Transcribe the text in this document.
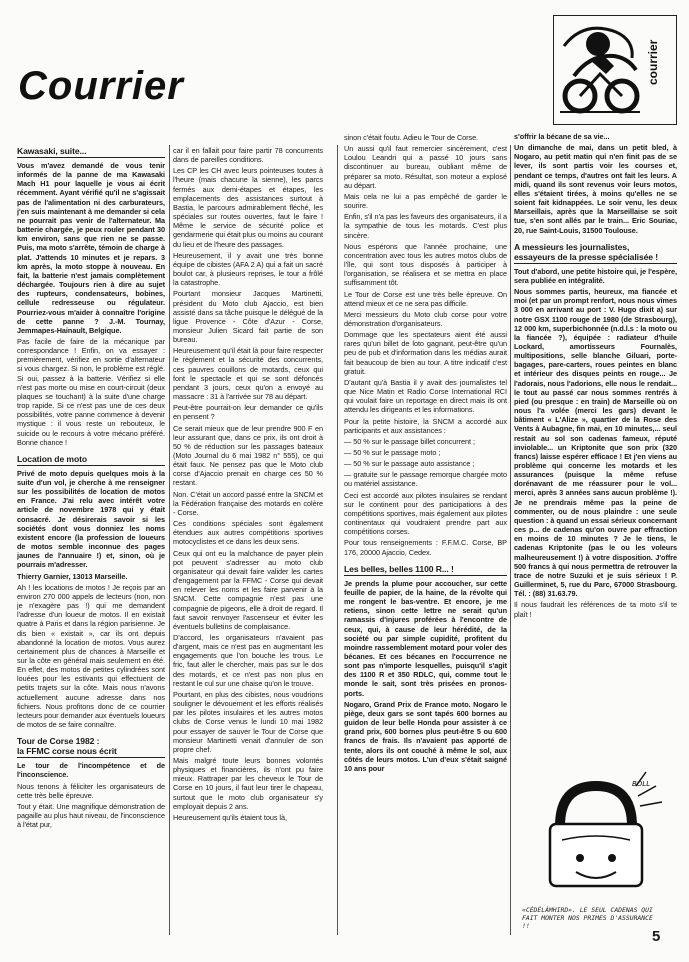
Courrier
courrier
Kawasaki, suite...

Vous m'avez demandé de vous tenir informés de la panne de ma Kawasaki Mach H1 pour laquelle je vous ai écrit récemment. Ayant vérifié qu'il ne s'agissait pas de l'alimentation ni des carburateurs, j'en suis maintenant à me demander si cela ne pourrait pas venir de l'alternateur. Ma batterie chargée, je peux rouler pendant 30 km environ, sans que rien ne se passe. Puis, ma moto s'arrête, témoin de charge à plat. J'attends 10 minutes et je repars. 3 km après, la moto stoppe à nouveau. En fait, la batterie n'est jamais complètement déchargée. Toujours rien à dire au sujet des rupteurs, condensateurs, bobines, cellule redresseuse ou régulateur. Pourriez-vous m'aider à connaître l'origine de cette panne ? J.-M. Tournay, Jemmapes-Hainault, Belgique.

Pas facile de faire de la mécanique par correspondance ! Enfin, on va essayer : premièrement, vérifiez en sortie d'alternateur si vous chargez. Si non, le problème est réglé. Si oui, passez à la batterie. Vérifiez si elle n'est pas morte ou mise en court-circuit (deux plaques se touchant) à la suite d'une charge trop rapide. Si ce n'est pas une de ces deux possibilités, votre panne commence à devenir mystique : il vous reste un rebouteux, le suicide ou le recours à votre mécano préféré. Bonne chance !

Location de moto

Privé de moto depuis quelques mois à la suite d'un vol, je cherche à me renseigner sur les possibilités de location de motos en France. J'ai relu avec intérêt votre article de novembre 1978 qui y était consacré. Je désirerais savoir si les sociétés dont vous donniez les noms existent encore (la profession de loueurs de motos semble inconnue des pages jaunes de l'annuaire !) et, sinon, où je pourrais m'adresser.

Thierry Garnier, 13013 Marseille.

Ah ! les locations de motos ! Je reçois par an environ 270 000 appels de lecteurs (non, non je n'exagère pas !) qui me demandent l'adresse d'un loueur de motos. Il en existait quatre à Paris et dans la région parisienne. Je dis bien « existait », car ils ont depuis abandonné la location de motos. Vous aurez certainement plus de chances à Marseille et sur la côte en général mais seulement en été. En effet, des motos de petites cylindrées sont louées pour les estivants qui effectuent de petits trajets sur la côte. Mais nous n'avons actuellement aucune adresse dans nos fichiers. Nous profitons donc de ce courrier lecteurs pour demander aux éventuels loueurs de motos de se faire connaître.

Tour de Corse 1982 :
la FFMC corse nous écrit

Le tour de l'incompétence et de l'inconscience.

Nous tenons à féliciter les organisateurs de cette très belle épreuve.

Tout y était. Une magnifique démonstration de pagaille au plus haut niveau, de l'inconscience à l'état pur,

car il en fallait pour faire partir 78 concurrents dans de pareilles conditions.

Les CP les CH avec leurs pointeuses toutes à l'heure (mais chacune la sienne), les parcs fermés aux demi-étapes et étapes, les emplacements des assistances surtout à Bastia, le parcours admirablement fléché, les spéciales sur routes ouvertes, faut le faire ! Même le service de sécurité police et gendarmerie qui était plus ou moins au courant du lieu et de l'heure des passages.

Heureusement, il y avait une très bonne équipe de cibistes (AFA 2 A) qui a fait un sacré boulot car, à plusieurs reprises, le tour a frôlé la catastrophe.

Pourtant monsieur Jacques Martinetti, président du Moto club Ajaccio, est bien assisté dans sa tâche puisque le délégué de la ligue Provence - Côte d'Azur - Corse, monsieur Julien Sicard fait partie de son bureau.

Heureusement qu'il était là pour faire respecter le règlement et la sécurité des concurrents, ces pauvres couillons de motards, ceux qui font le spectacle et qui se sont défoncés pendant 3 jours, ceux qu'on a envoyé au massacre : 31 à l'arrivée sur 78 au départ.

Peut-être pourrait-on leur demander ce qu'ils en pensent ?

Ce serait mieux que de leur prendre 900 F en leur assurant que, dans ce prix, ils ont droit à 50 % de réduction sur les passages bateaux (Moto Journal du 6 mai 1982 n° 555), ce qui était faux. Ne pensez pas que le Moto club corse d'Ajaccio prenait en charge ces 50 % restant.

Non. C'était un accord passé entre la SNCM et la Fédération française des motards en colère - Corse.

Ces conditions spéciales sont également étendues aux autres compétitions sportives motocyclistes et ce dans les deux sens.

Ceux qui ont eu la malchance de payer plein pot peuvent s'adresser au moto club organisateur qui devait faire valider les cartes d'engagement par la FFMC - Corse qui devait en relever les noms et les faire parvenir à la SNCM. Cette compagnie n'est pas une compagnie de pigeons, elle à droit de regard. Il faut savoir renvoyer l'ascenseur et éviter les éventuels bulletins de complaisance.

D'accord, les organisateurs n'avaient pas d'argent, mais ce n'est pas en augmentant les engagements que l'on bouche les trous. Le fric, faut aller le chercher, mais pas sur le dos des motards, et ce n'est pas non plus en restant le cul sur une chaise qu'on le trouve.

Pourtant, en plus des cibistes, nous voudrions souligner le dévouement et les efforts réalisés par les pilotes insulaires et les autres motos clubs de Corse venus le lundi 10 mai 1982 pour essayer de sauver le Tour de Corse que monsieur Martinetti venait d'annuler de son propre chef.

Mais malgré toute leurs bonnes volontés physiques et financières, ils n'ont pu faire mieux. Rattraper par les cheveux le Tour de Corse en 10 jours, il faut leur tirer le chapeau, surtout que le moto club organisateur s'y employait depuis 2 ans.

Heureusement qu'ils étaient tous là,

sinon c'était foutu. Adieu le Tour de Corse.

Un aussi qu'il faut remercier sincèrement, c'est Loulou Leandri qui a passé 10 jours sans discontinuer au bureau, oubliant même de préparer sa moto. Résultat, son moteur a explosé au départ.

Mais cela ne lui a pas empêché de garder le sourire.

Enfin, s'il n'a pas les faveurs des organisateurs, il a la sympathie de tous les motards. C'est plus sincère.

Nous espérons que l'année prochaine, une concentration avec tous les autres motos clubs de l'île, qui sont tous disposés à participer à l'organisation, se réalisera et se mettra en place suffisamment tôt.

Le Tour de Corse est une très belle épreuve. On attend mieux et ce ne sera pas difficile.

Merci messieurs du Moto club corse pour votre démonstration d'organisateurs.

Dommage que les spectateurs aient été aussi rares qu'un billet de loto gagnant, peut-être qu'un peu de pub et d'information dans les médias aurait fait beaucoup de bien au tour. A titre indicatif c'est gratuit.

D'autant qu'à Bastia il y avait des journalistes tel que Nice Matin et Radio Corse International RCI qui voulait faire un reportage en direct mais ils ont attendu les dirigeants et les informations.

Pour la petite histoire, la SNCM a accordé aux participants et aux assistances :

— 50 % sur le passage billet concurrent ;

— 50 % sur le passage moto ;

— 50 % sur le passage auto assistance ;

— gratuite sur le passage remorque chargée moto ou matériel assistance.

Ceci est accordé aux pilotes insulaires se rendant sur le continent pour des participations à des compétitions sportives, mais également aux pilotes continentaux qui voudraient prendre part aux compétitions corses.

Pour tous renseignements : F.F.M.C. Corse, BP 176, 20000 Ajaccio, Cedex.

Les belles, belles 1100 R... !

Je prends la plume pour accoucher, sur cette feuille de papier, de la haine, de la révolte qui me rongent le bas-ventre. Et encore, je me retiens, sinon cette lettre ne serait qu'un ramassis d'injures proférées à l'encontre de ceux, qui, à cause de leur hérédité, de la société ou par simple cupidité, profitent du moindre rassemblement motard pour voler des bécanes. Et ces bécanes en l'occurrence ne sont pas n'importe lesquelles, puisqu'il s'agit des 1100 R et 350 RDLC, qui, comme tout le monde le sait, sont très prisées en pronos-ports.

Nogaro, Grand Prix de France moto. Nogaro le piège, deux gars se sont tapés 600 bornes au guidon de leur belle Honda pour assister à ce grand prix, 600 bornes plus peut-être 5 ou 600 francs de frais. Ils n'avaient pas apporté de tente, alors ils ont couché à même le sol, aux côtés de leurs motos. L'un d'eux s'était saigné 10 ans pour

s'offrir la bécane de sa vie...

Un dimanche de mai, dans un petit bled, à Nogaro, au petit matin qui n'en finit pas de se lever, ils sont partis voir les courses et, pendant ce temps, d'autres ont fait les leurs. A midi, quand ils sont revenus voir leurs motos, elles s'étaient tirées, à moins qu'elles ne se soient fait kidnappées. Le soir venu, les deux Marseillais, après que la Marseillaise se soit tue, s'en sont allés par le train... Eric Souriac, 20, rue Saint-Louis, 31500 Toulouse.

A messieurs les journalistes,
essayeurs de la presse spécialisée !

Tout d'abord, une petite histoire qui, je l'espère, sera publiée en intégralité.

Nous sommes partis, heureux, ma fiancée et moi (et par un prompt renfort, nous nous vîmes 3 000 en arrivant au port : V. Hugo dixit a) sur notre GSX 1100 rouge de 1980 (de Strasbourg), 12 000 km, superbichonnée (n.d.l.s : la moto ou la fiancée ?), équipée : radiateur d'huile Lockard, amortisseurs Fournalès, multipositions, selle blanche Giluari, porte-bagages, pare-carters, roues peintes en blanc et intérieur des disques peints en rouge... Je l'adorais, nous l'adorions, elle nous le rendait... le tout au passé car nous sommes rentrés à pied (ou presque : en train) de Marseille où on nous l'a volée (merci les gars) devant le bâtiment « L'Alize », quartier de la Rose des Vents à Aubagne, fin mai, en 10 minutes,... seul restait au sol son cadenas fameux, réputé inviolable... un Kriptonite que son prix (320 francs) laisse espérer efficace ! Et j'en viens au problème qui concerne les motards et les assurances (puisque la même refuse dorénavant de me réassurer pour le vol... merci, après 3 années sans aucun problème !). Je ne prendrais même pas la peine de commenter, ou de nous plaindre : une seule question : à quand un essai sérieux concernant ces p... de cadenas qu'on ouvre par effraction en moins de 10 minutes ? Je le tiens, le cadenas Kriptonite (pas le ou les voleurs malheureusement !) à votre disposition. J'offre 500 francs à qui nous permettra de retrouver la trace de notre Suzuki et je suis sérieux ! P. Guillerminet, 5, rue du Parc, 67000 Strasbourg. Tél. : (88) 31.63.79.

Il nous faudrait les références de ta moto s'il te plaît !

BOLL
«CÉDÉLÀMHIRD». LE SEUL CADENAS QUI FAIT MONTER NOS PRIMES D'ASSURANCE !!
5
